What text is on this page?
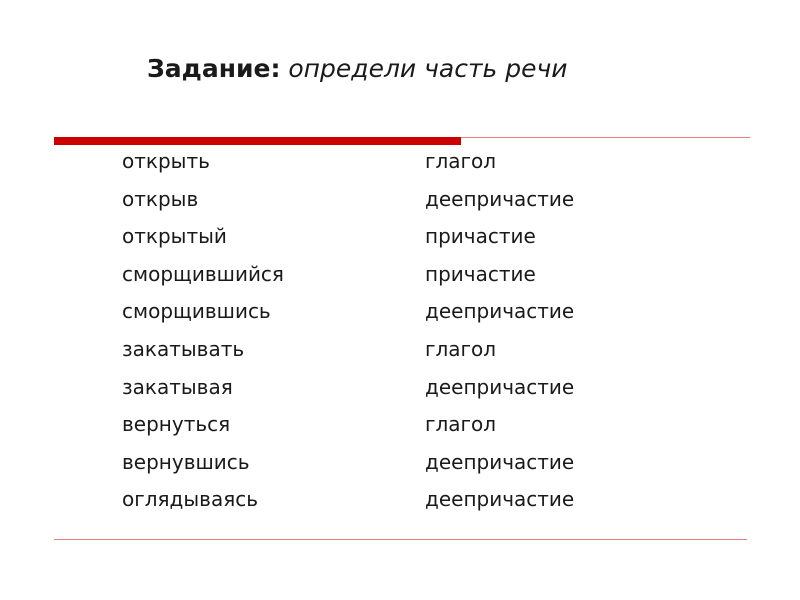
Задание: определи часть речи
открыть	глагол
открыв	деепричастие
открытый	причастие
сморщившийся	причастие
сморщившись	деепричастие
закатывать	глагол
закатывая	деепричастие
вернуться	глагол
вернувшись	деепричастие
оглядываясь	деепричастие
